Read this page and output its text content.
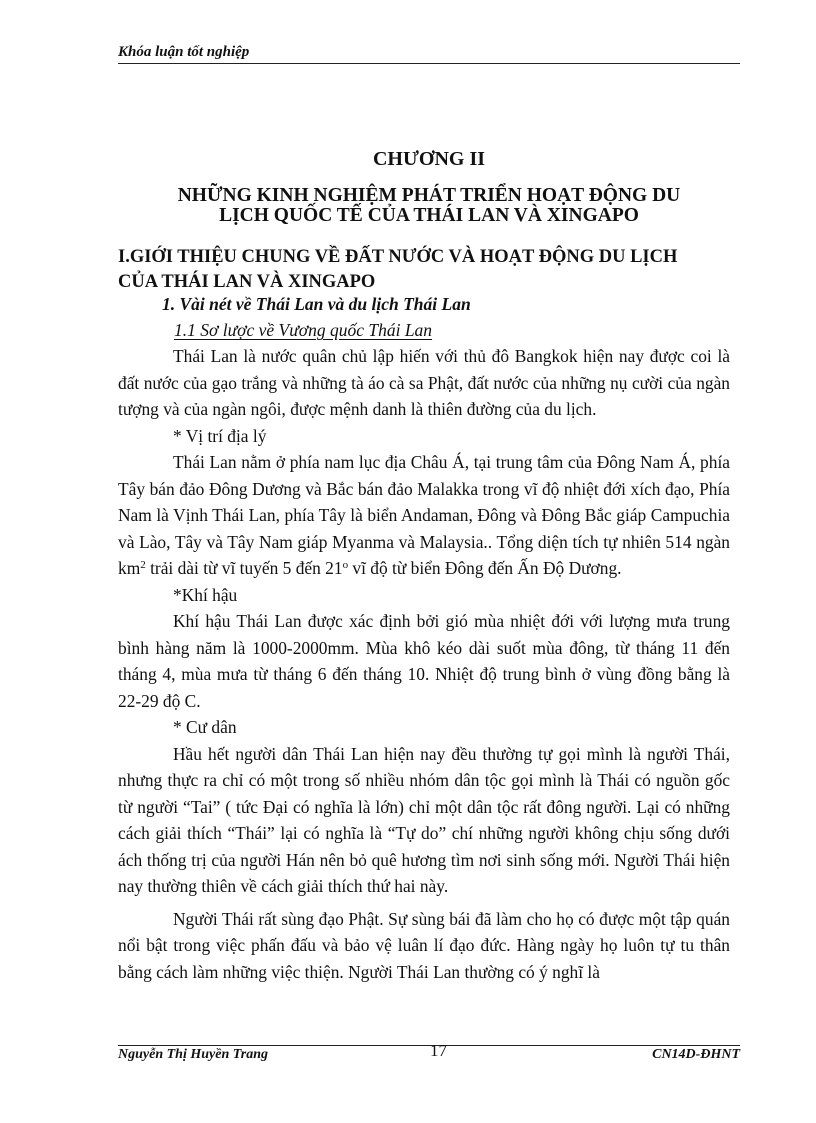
Khóa luận tốt nghiệp
CHƯƠNG II
NHỮNG KINH NGHIỆM PHÁT TRIỂN HOẠT ĐỘNG DU
LỊCH QUỐC TẾ CỦA THÁI LAN VÀ XINGAPO
I.GIỚI THIỆU CHUNG VỀ ĐẤT NƯỚC VÀ HOẠT ĐỘNG DU LỊCH
CỦA THÁI LAN VÀ XINGAPO
1. Vài nét về Thái Lan và du lịch Thái Lan
1.1 Sơ lược về Vương quốc Thái Lan

Thái Lan là nước quân chủ lập hiến với thủ đô Bangkok hiện nay được coi là đất nước của gạo trắng và những tà áo cà sa Phật, đất nước của những nụ cười của ngàn tượng và của ngàn ngôi, được mệnh danh là thiên đường của du lịch.

* Vị trí địa lý

Thái Lan nằm ở phía nam lục địa Châu Á, tại trung tâm của Đông Nam Á, phía Tây bán đảo Đông Dương và Bắc bán đảo Malakka trong vĩ độ nhiệt đới xích đạo, Phía Nam là Vịnh Thái Lan, phía Tây là biển Andaman, Đông và Đông Bắc giáp Campuchia và Lào, Tây và Tây Nam giáp Myanma và Malaysia.. Tổng diện tích tự nhiên 514 ngàn $km^2$ trải dài từ vĩ tuyến 5 đến 21$^o$ vĩ độ từ biển Đông đến Ấn Độ Dương.

*Khí hậu

Khí hậu Thái Lan được xác định bởi gió mùa nhiệt đới với lượng mưa trung bình hàng năm là 1000-2000mm. Mùa khô kéo dài suốt mùa đông, từ tháng 11 đến tháng 4, mùa mưa từ tháng 6 đến tháng 10. Nhiệt độ trung bình ở vùng đồng bằng là 22-29 độ C.

* Cư dân

Hầu hết người dân Thái Lan hiện nay đều thường tự gọi mình là người Thái, nhưng thực ra chỉ có một trong số nhiều nhóm dân tộc gọi mình là Thái có nguồn gốc từ người “Tai” ( tức Đại có nghĩa là lớn) chỉ một dân tộc rất đông người. Lại có những cách giải thích “Thái” lại có nghĩa là “Tự do” chí những người không chịu sống dưới ách thống trị của người Hán nên bỏ quê hương tìm nơi sinh sống mới. Người Thái hiện nay thường thiên về cách giải thích thứ hai này.

Người Thái rất sùng đạo Phật. Sự sùng bái đã làm cho họ có được một tập quán nổi bật trong việc phấn đấu và bảo vệ luân lí đạo đức. Hàng ngày họ luôn tự tu thân bằng cách làm những việc thiện. Người Thái Lan thường có ý nghĩ là

Nguyễn Thị Huyền Trang	17	CN14D-ĐHNT
